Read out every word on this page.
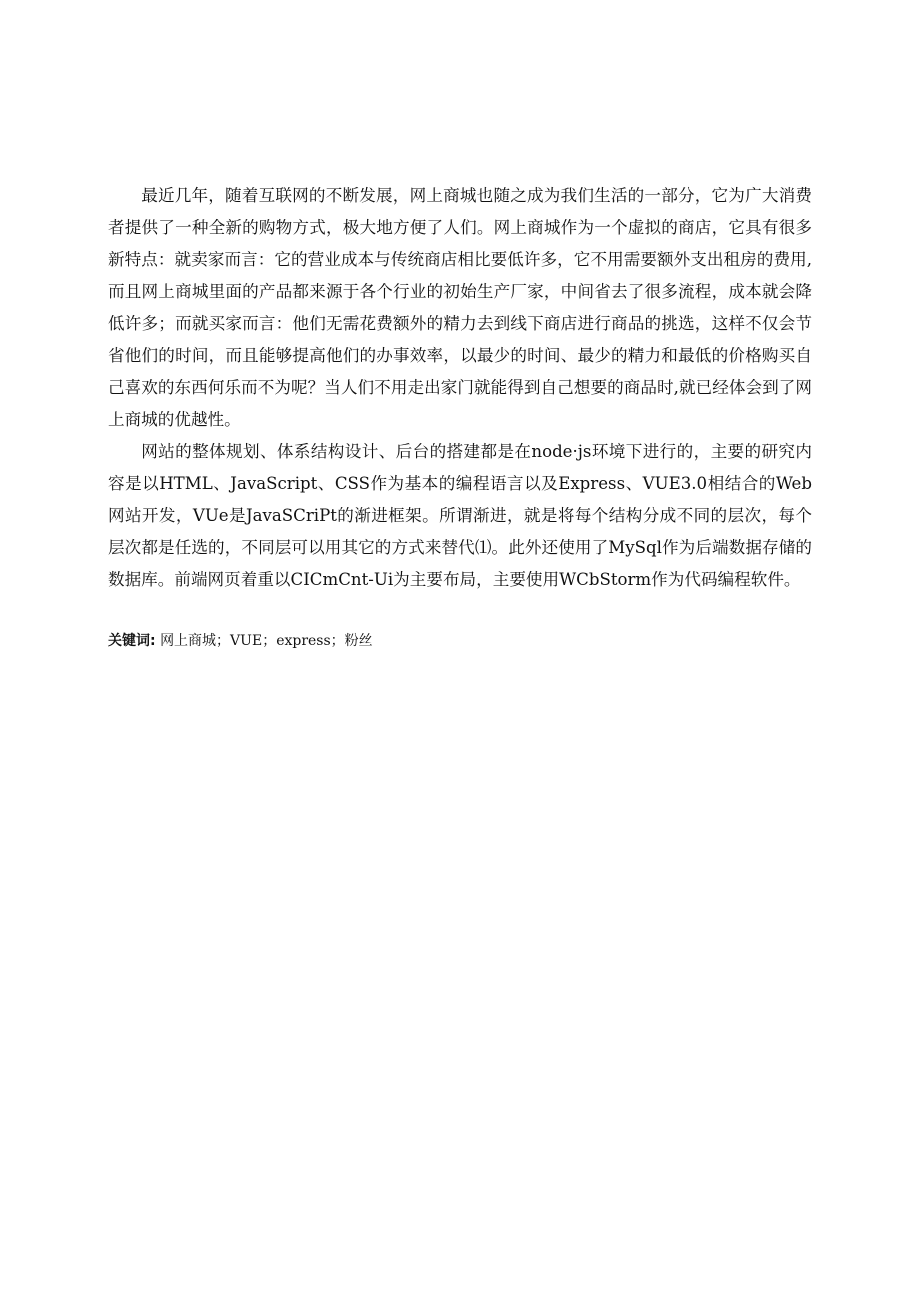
最近几年，随着互联网的不断发展，网上商城也随之成为我们生活的一部分，它为广大消费者提供了一种全新的购物方式，极大地方便了人们。网上商城作为一个虚拟的商店，它具有很多新特点：就卖家而言：它的营业成本与传统商店相比要低许多，它不用需要额外支出租房的费用,而且网上商城里面的产品都来源于各个行业的初始生产厂家，中间省去了很多流程，成本就会降低许多；而就买家而言：他们无需花费额外的精力去到线下商店进行商品的挑选，这样不仅会节省他们的时间，而且能够提高他们的办事效率，以最少的时间、最少的精力和最低的价格购买自己喜欢的东西何乐而不为呢？当人们不用走出家门就能得到自己想要的商品时,就已经体会到了网上商城的优越性。

网站的整体规划、体系结构设计、后台的搭建都是在node·js环境下进行的，主要的研究内容是以HTML、JavaScript、CSS作为基本的编程语言以及Express、VUE3.0相结合的Web网站开发，VUe是JavaSCriPt的渐进框架。所谓渐进，就是将每个结构分成不同的层次，每个层次都是任选的，不同层可以用其它的方式来替代⑴。此外还使用了MySql作为后端数据存储的数据库。前端网页着重以CICmCnt-Ui为主要布局，主要使用WCbStorm作为代码编程软件。

关键词: 网上商城；VUE；express；粉丝
